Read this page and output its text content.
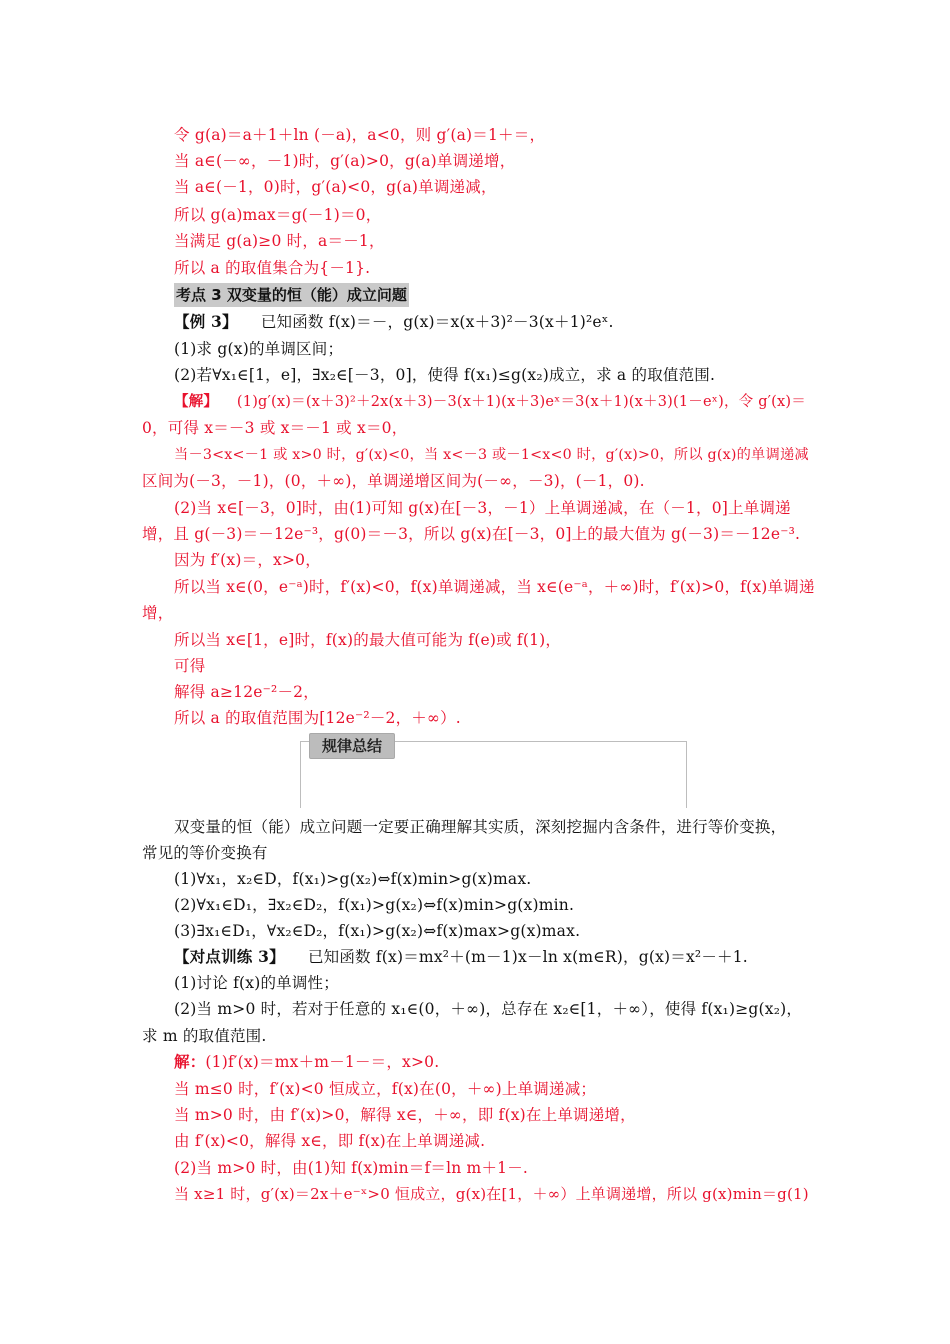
令 g(a)＝a＋1＋ln (－a)，a<0，则 g′(a)＝1＋＝，
当 a∈(－∞，－1)时，g′(a)>0，g(a)单调递增，
当 a∈(－1，0)时，g′(a)<0，g(a)单调递减，
所以 g(a)max＝g(－1)＝0，
当满足 g(a)≥0 时，a＝－1，
所以 a 的取值集合为{－1}.
考点 3 双变量的恒（能）成立问题
【例 3】 已知函数 f(x)＝－，g(x)＝x(x＋3)²－3(x＋1)²eˣ.
(1)求 g(x)的单调区间；
(2)若∀x₁∈[1，e]，∃x₂∈[－3，0]，使得 f(x₁)≤g(x₂)成立，求 a 的取值范围.
【解】 (1)g′(x)＝(x＋3)²＋2x(x＋3)－3(x＋1)(x＋3)eˣ＝3(x＋1)(x＋3)(1－eˣ)，令 g′(x)＝
0，可得 x＝－3 或 x＝－1 或 x＝0，
当－3<x<－1 或 x>0 时，g′(x)<0，当 x<－3 或－1<x<0 时，g′(x)>0，所以 g(x)的单调递减
区间为(－3，－1)，(0，＋∞)，单调递增区间为(－∞，－3)，(－1，0).
(2)当 x∈[－3，0]时，由(1)可知 g(x)在[－3，－1）上单调递减，在（－1，0]上单调递
增，且 g(－3)＝－12e⁻³，g(0)＝－3，所以 g(x)在[－3，0]上的最大值为 g(－3)＝－12e⁻³.
因为 f′(x)＝，x>0，
所以当 x∈(0，e⁻ᵃ)时，f′(x)<0，f(x)单调递减，当 x∈(e⁻ᵃ，＋∞)时，f′(x)>0，f(x)单调递
增，
所以当 x∈[1，e]时，f(x)的最大值可能为 f(e)或 f(1)，
可得
解得 a≥12e⁻²－2，
所以 a 的取值范围为[12e⁻²－2，＋∞）.
规律总结
双变量的恒（能）成立问题一定要正确理解其实质，深刻挖掘内含条件，进行等价变换，
常见的等价变换有
(1)∀x₁，x₂∈D，f(x₁)>g(x₂)⇔f(x)min>g(x)max.
(2)∀x₁∈D₁，∃x₂∈D₂，f(x₁)>g(x₂)⇔f(x)min>g(x)min.
(3)∃x₁∈D₁，∀x₂∈D₂，f(x₁)>g(x₂)⇔f(x)max>g(x)max.
【对点训练 3】 已知函数 f(x)＝mx²＋(m－1)x－ln x(m∈R)，g(x)＝x²－＋1.
(1)讨论 f(x)的单调性；
(2)当 m>0 时，若对于任意的 x₁∈(0，＋∞)，总存在 x₂∈[1，＋∞），使得 f(x₁)≥g(x₂)，
求 m 的取值范围.
解：(1)f′(x)＝mx＋m－1－＝，x>0.
当 m≤0 时，f′(x)<0 恒成立，f(x)在(0，＋∞)上单调递减；
当 m>0 时，由 f′(x)>0，解得 x∈，＋∞，即 f(x)在上单调递增，
由 f′(x)<0，解得 x∈，即 f(x)在上单调递减.
(2)当 m>0 时，由(1)知 f(x)min＝f＝ln m＋1－.
当 x≥1 时，g′(x)＝2x＋e⁻ˣ>0 恒成立，g(x)在[1，＋∞）上单调递增，所以 g(x)min＝g(1)
